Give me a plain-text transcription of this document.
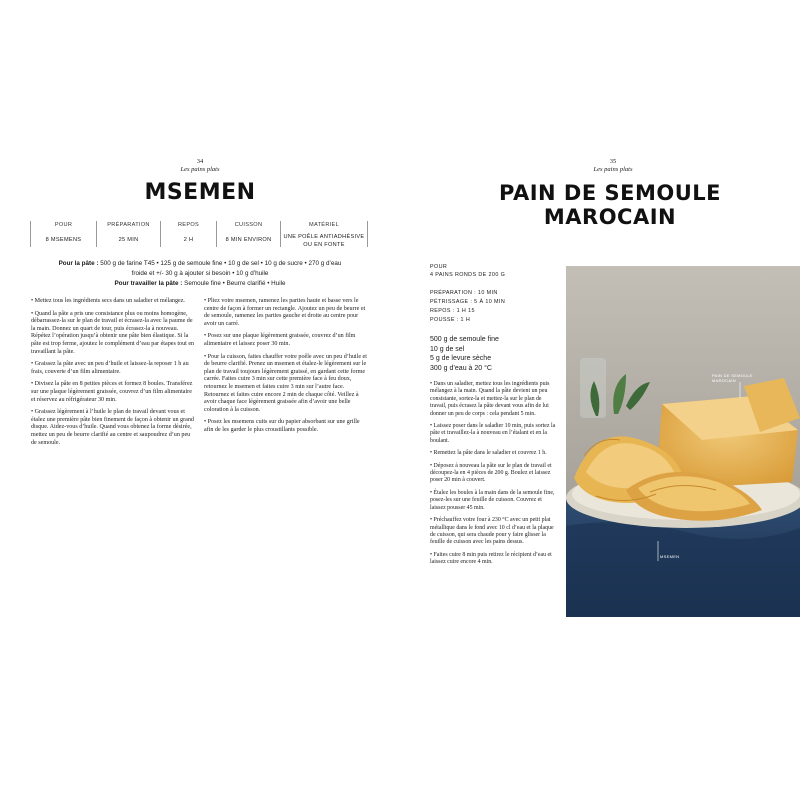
34
Les pains plats
MSEMEN
POUR
8 MSEMENS
PRÉPARATION
25 MIN
REPOS
2 H
CUISSON
8 MIN ENVIRON
MATÉRIEL
UNE POÊLE ANTIADHÉSIVE OU EN FONTE
Pour la pâte : 500 g de farine T45 • 125 g de semoule fine • 10 g de sel • 10 g de sucre • 270 g d’eau froide et +/- 30 g à ajouter si besoin • 10 g d’huile
Pour travailler la pâte : Semoule fine • Beurre clarifié • Huile

• Mettez tous les ingrédients secs dans un saladier et mélangez.

• Quand la pâte a pris une consistance plus ou moins homogène, débarrassez-la sur le plan de travail et écrasez-la avec la paume de la main. Donnez un quart de tour, puis écrasez-la à nouveau. Répétez l’opération jusqu’à obtenir une pâte bien élastique. Si la pâte est trop ferme, ajoutez le complément d’eau par étapes tout en travaillant la pâte.

• Graissez la pâte avec un peu d’huile et laissez-la reposer 1 h au frais, couverte d’un film alimentaire.

• Divisez la pâte en 8 petites pièces et formez 8 boules. Transférez sur une plaque légèrement graissée, couvrez d’un film alimentaire et réservez au réfrigérateur 30 min.

• Graissez légèrement à l’huile le plan de travail devant vous et étalez une première pâte bien finement de façon à obtenir un grand disque. Aidez-vous d’huile. Quand vous obtenez la forme désirée, mettez un peu de beurre clarifié au centre et saupoudrez d’un peu de semoule.

• Pliez votre msemen, ramenez les parties haute et basse vers le centre de façon à former un rectangle. Ajoutez un peu de beurre et de semoule, ramenez les parties gauche et droite au centre pour avoir un carré.

• Posez sur une plaque légèrement graissée, couvrez d’un film alimentaire et laissez poser 30 min.

• Pour la cuisson, faites chauffer votre poêle avec un peu d’huile et de beurre clarifié. Prenez un msemen et étalez-le légèrement sur le plan de travail toujours légèrement graissé, en gardant cette forme carrée. Faites cuire 3 min sur cette première face à feu doux, retournez le msemen et faites cuire 3 min sur l’autre face. Retournez et faites cuire encore 2 min de chaque côté. Veillez à avoir chaque face légèrement graissée afin d’avoir une belle coloration à la cuisson.

• Posez les msemens cuits sur du papier absorbant sur une grille afin de les garder le plus croustillants possible.

35
Les pains plats
PAIN DE SEMOULE
MAROCAIN
POUR
4 PAINS RONDS DE 200 G
PRÉPARATION : 10 MIN
PÉTRISSAGE : 5 À 10 MIN
REPOS : 1 H 15
POUSSE : 1 H
500 g de semoule fine
10 g de sel
5 g de levure sèche
300 g d’eau à 20 °C

• Dans un saladier, mettez tous les ingrédients puis mélangez à la main. Quand la pâte devient un peu consistante, sortez-la et mettez-la sur le plan de travail, puis écrasez la pâte devant vous afin de lui donner un peu de corps : cela pendant 5 min.

• Laissez poser dans le saladier 10 min, puis sortez la pâte et travaillez-la à nouveau en l’étalant et en la boulant.

• Remettez la pâte dans le saladier et couvrez 1 h.

• Déposez à nouveau la pâte sur le plan de travail et découpez-la en 4 pièces de 200 g. Boulez et laissez poser 20 min à couvert.

• Étalez les boules à la main dans de la semoule fine, posez-les sur une feuille de cuisson. Couvrez et laissez pousser 45 min.

• Préchauffez votre four à 230 °C avec un petit plat métallique dans le fond avec 10 cl d’eau et la plaque de cuisson, qui sera chaude pour y faire glisser la feuille de cuisson avec les pains dessus.

• Faites cuire 8 min puis retirez le récipient d’eau et laissez cuire encore 4 min.

PAIN DE SEMOULE
MAROCAIN
MSEMEN
